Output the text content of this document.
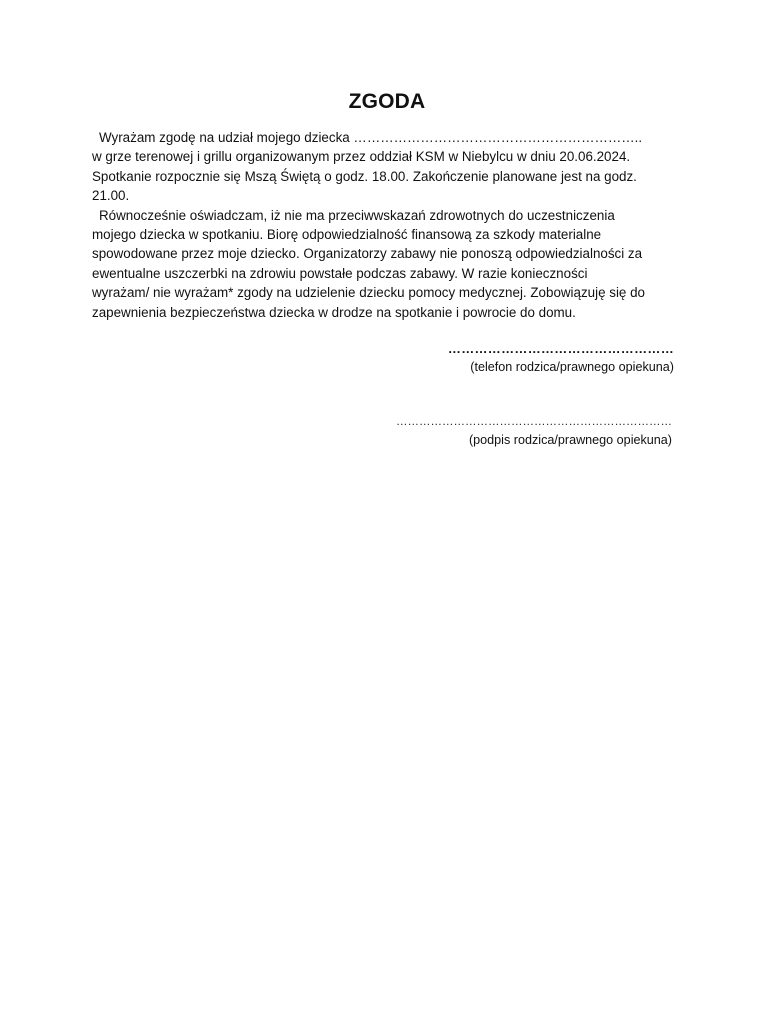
ZGODA

Wyrażam zgodę na udział mojego dziecka ………………………………………………………..

w grze terenowej i grillu organizowanym przez oddział KSM w Niebylcu w dniu 20.06.2024.

Spotkanie rozpocznie się Mszą Świętą o godz. 18.00. Zakończenie planowane jest na godz.

21.00.

Równocześnie oświadczam, iż nie ma przeciwwskazań zdrowotnych do uczestniczenia

mojego dziecka w spotkaniu. Biorę odpowiedzialność finansową za szkody materialne

spowodowane przez moje dziecko. Organizatorzy zabawy nie ponoszą odpowiedzialności za

ewentualne uszczerbki na zdrowiu powstałe podczas zabawy. W razie konieczności

wyrażam/ nie wyrażam* zgody na udzielenie dziecku pomocy medycznej. Zobowiązuję się do

zapewnienia bezpieczeństwa dziecka w drodze na spotkanie i powrocie do domu.

……………………………………………
(telefon rodzica/prawnego opiekuna)
………………………………………………………………
(podpis rodzica/prawnego opiekuna)
